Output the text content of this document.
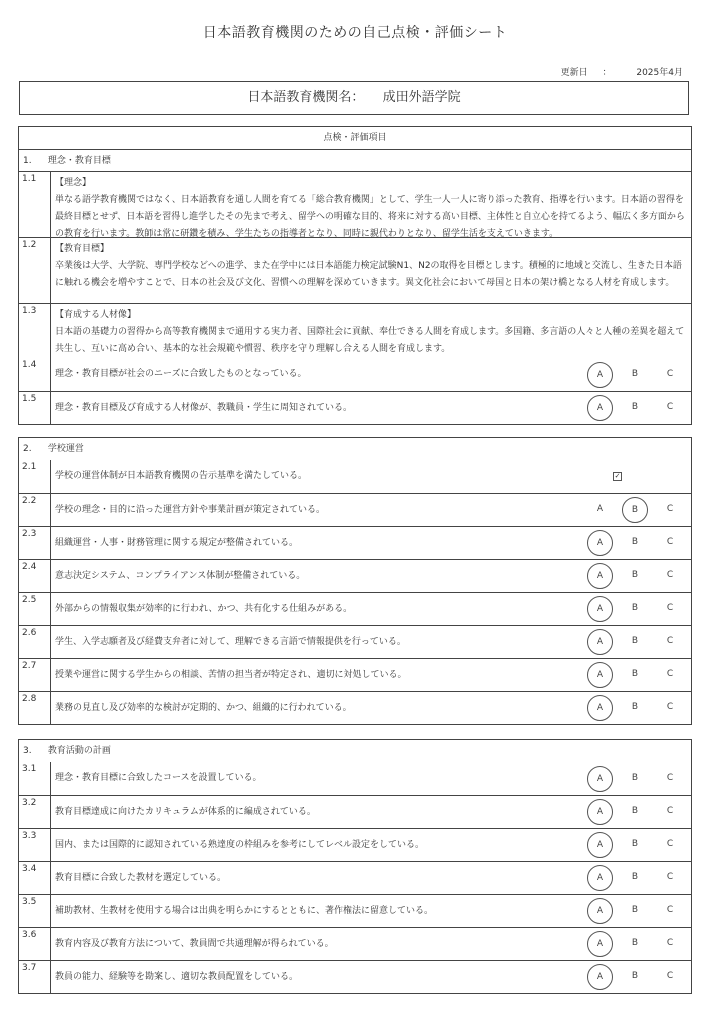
日本語教育機関のための自己点検・評価シート
更新日 ：	2025年4月
日本語教育機関名： 成田外語学院
点検・評価項目
1. 理念・教育目標
1.1	【理念】
単なる語学教育機関ではなく、日本語教育を通し人間を育てる「総合教育機関」として、学生一人一人に寄り添った教育、指導を行います。日本語の習得を最終目標とせず、日本語を習得し進学したその先まで考え、留学への明確な目的、将来に対する高い目標、主体性と自立心を持てるよう、幅広く多方面からの教育を行います。教師は常に研鑽を積み、学生たちの指導者となり、同時に親代わりとなり、留学生活を支えていきます。
1.2	【教育目標】
卒業後は大学、大学院、専門学校などへの進学、また在学中には日本語能力検定試験N1、N2の取得を目標とします。積極的に地域と交流し、生きた日本語に触れる機会を増やすことで、日本の社会及び文化、習慣への理解を深めていきます。異文化社会において母国と日本の架け橋となる人材を育成します。
1.3	【育成する人材像】
日本語の基礎力の習得から高等教育機関まで通用する実力者、国際社会に貢献、奉仕できる人間を育成します。多国籍、多言語の人々と人種の差異を超えて共生し、互いに高め合い、基本的な社会規範や慣習、秩序を守り理解し合える人間を育成します。
1.4
理念・教育目標が社会のニーズに合致したものとなっている。	A	B	C
1.5
理念・教育目標及び育成する人材像が、教職員・学生に周知されている。	A	B	C
2. 学校運営
2.1
学校の運営体制が日本語教育機関の告示基準を満たしている。	✓
2.2
学校の理念・目的に沿った運営方針や事業計画が策定されている。	A	B	C
2.3
組織運営・人事・財務管理に関する規定が整備されている。	A	B	C
2.4
意志決定システム、コンプライアンス体制が整備されている。	A	B	C
2.5
外部からの情報収集が効率的に行われ、かつ、共有化する仕組みがある。	A	B	C
2.6
学生、入学志願者及び経費支弁者に対して、理解できる言語で情報提供を行っている。	A	B	C
2.7
授業や運営に関する学生からの相談、苦情の担当者が特定され、適切に対処している。	A	B	C
2.8
業務の見直し及び効率的な検討が定期的、かつ、組織的に行われている。	A	B	C
3. 教育活動の計画
3.1
理念・教育目標に合致したコースを設置している。	A	B	C
3.2
教育目標達成に向けたカリキュラムが体系的に編成されている。	A	B	C
3.3
国内、または国際的に認知されている熟達度の枠組みを参考にしてレベル設定をしている。	A	B	C
3.4
教育目標に合致した教材を選定している。	A	B	C
3.5
補助教材、生教材を使用する場合は出典を明らかにするとともに、著作権法に留意している。	A	B	C
3.6
教育内容及び教育方法について、教員間で共通理解が得られている。	A	B	C
3.7
教員の能力、経験等を勘案し、適切な教員配置をしている。	A	B	C
